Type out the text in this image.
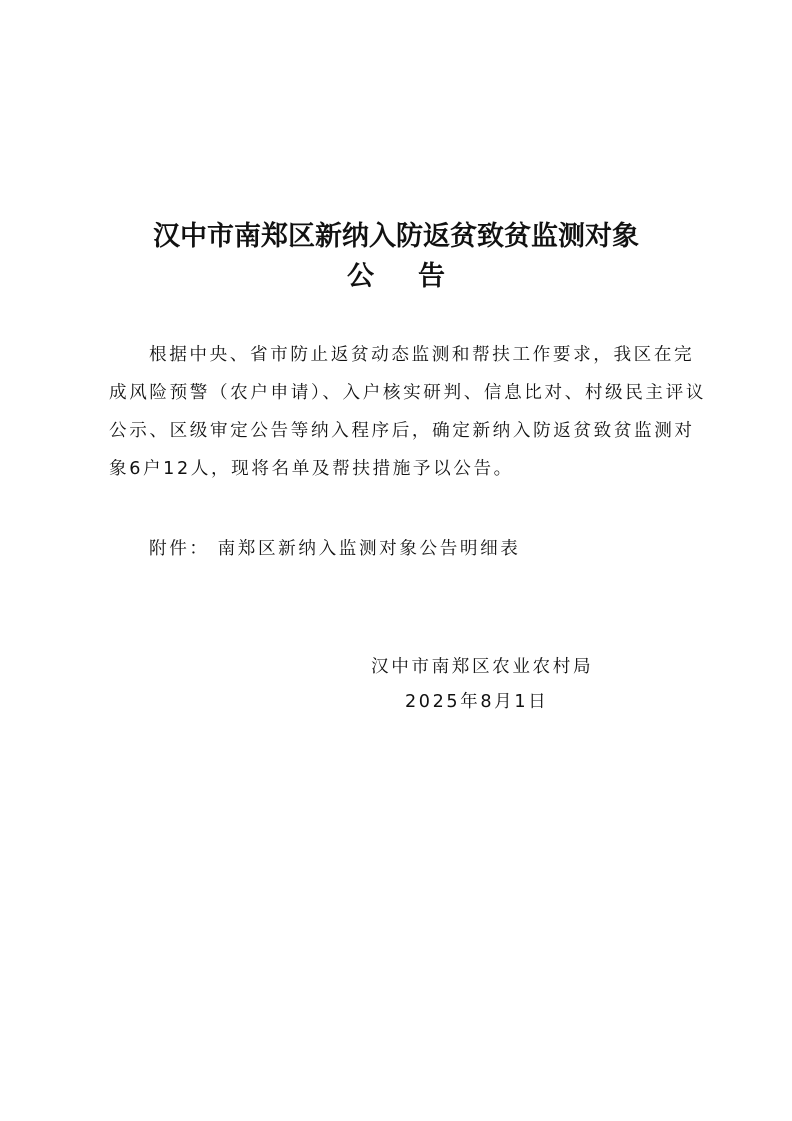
汉中市南郑区新纳入防返贫致贫监测对象
公告

根据中央、省市防止返贫动态监测和帮扶工作要求，我区在完成风险预警（农户申请）、入户核实研判、信息比对、村级民主评议公示、区级审定公告等纳入程序后，确定新纳入防返贫致贫监测对象6户12人，现将名单及帮扶措施予以公告。

附件： 南郑区新纳入监测对象公告明细表
汉中市南郑区农业农村局
2025年8月1日
